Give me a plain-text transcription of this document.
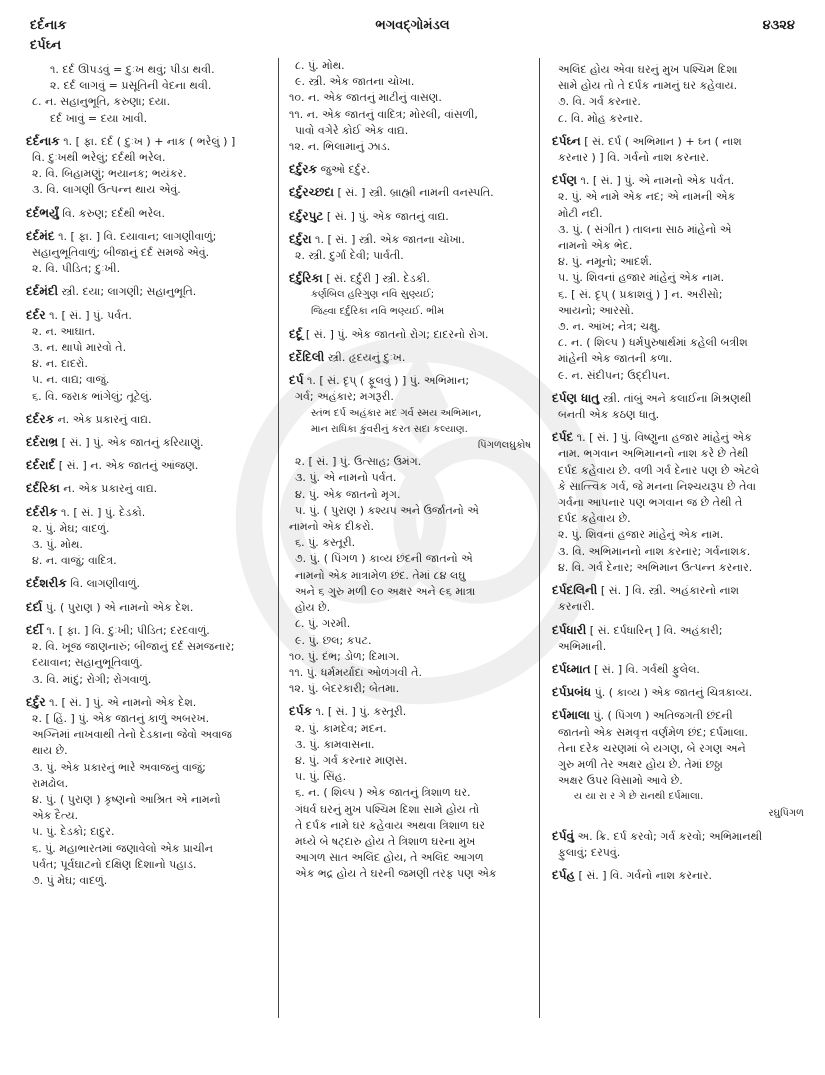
દર્દનાક
દર્પઘ્ન
ભગવદ્ગોમંડલ	૪૩૨૪
૧. દર્દ ઊપડવું = દુઃખ થવું; પીડા થવી.
૨. દર્દ લાગવું = પ્રસૂતિની વેદના થવી.
૮. ન. સહાનુભૂતિ, કરુણા; દયા.
દર્દ ખાવું = દયા ખાવી.
દર્દનાક ૧. [ ફા. દર્દ ( દુઃખ ) + નાક ( ભરેલું ) ]
વિ. દુઃખથી ભરેલું; દર્દથી ભરેલ.
૨. વિ. બિહામણું; ભયાનક; ભયંકર.
૩. વિ. લાગણી ઉત્પન્ન થાય એવું.
દર્દભર્યું વિ. કરુણ; દર્દથી ભરેલ.
દર્દમંદ ૧. [ ફા. ] વિ. દયાવાન; લાગણીવાળું;
સહાનુભૂતિવાળું; બીજાનું દર્દ સમજે એવું.
૨. વિ. પીડિત; દુઃખી.
દર્દમંદી સ્ત્રી. દયા; લાગણી; સહાનુભૂતિ.
દર્દર ૧. [ સં. ] પું. પર્વત.
૨. ન. આઘાત.
૩. ન. થાપો મારવો તે.
૪. ન. દાદરો.
૫. ન. વાદ્ય; વાજું.
૬. વિ. જરાક ભાંગેલું; તૂટેલું.
દર્દરક ન. એક પ્રકારનું વાદ્ય.
દર્દરાભ્ર [ સં. ] પું. એક જાતનું કરિયાણું.
દર્દરાર્દ [ સં. ] ન. એક જાતનું આંજણ.
દર્દરિકા ન. એક પ્રકારનું વાદ્ય.
દર્દરીક ૧. [ સં. ] પું. દેડકો.
૨. પું. મેઘ; વાદળું.
૩. પું. મોથ.
૪. ન. વાજું; વાદિત્ર.
દર્દશરીક વિ. લાગણીવાળું.
દર્દા પું. ( પુરાણ ) એ નામનો એક દેશ.
દર્દી ૧. [ ફા. ] વિ. દુઃખી; પીડિત; દરદવાળું.
૨. વિ. ખૂજ જાણનારું; બીજાનું દર્દ સમજનાર;
દયાવાન; સહાનુભૂતિવાળું.
૩. વિ. માંદું; રોગી; રોગવાળું.
દર્દુર ૧. [ સં. ] પું. એ નામનો એક દેશ.
૨. [ હિં. ] પું. એક જાતનું કાળું અબરખ.
અગ્નિમાં નાખવાથી તેનો દેડકાના જેવો અવાજ
થાય છે.
૩. પું. એક પ્રકારનું ભારે અવાજનું વાજું;
રામઢોલ.
૪. પું. ( પુરાણ ) કૃષ્ણનો આશ્રિત એ નામનો
એક દૈત્ય.
૫. પું. દેડકો; દાદુર.
૬. પું. મહાભારતમાં જણાવેલો એક પ્રાચીન
પર્વત; પૂર્વઘાટનો દક્ષિણ દિશાનો પહાડ.
૭. પું મેઘ; વાદળું.
૮. પું. મોથ.
૯. સ્ત્રી. એક જાતના ચોખા.
૧૦. ન. એક જાતનું માટીનું વાસણ.
૧૧. ન. એક જાતનું વાદિત્ર; મોરલી, વાંસળી,
પાવો વગેરે કોઈ એક વાદ્ય.
૧૨. ન. ભિલામાનું ઝાડ.
દર્દુરક જુઓ દર્દુર.
દર્દુરચ્છદા [ સં. ] સ્ત્રી. બ્રાહ્મી નામની વનસ્પતિ.
દર્દુરપુટ [ સં. ] પું. એક જાતનું વાદ્ય.
દર્દુરા ૧. [ સં. ] સ્ત્રી. એક જાતના ચોખા.
૨. સ્ત્રી. દુર્ગા દેવી; પાર્વતી.
દર્દુરિકા [ સં. દર્દુરી ] સ્ત્રી. દેડકી.
કર્ણબિલ હરિગુણ નવિ સુણ્યઈ;
જિહ્વા દર્દુરિકા નવિ ભણ્યઈ. ભીમ
દર્દૂ [ સં. ] પું. એક જાતનો રોગ; દાદરનો રોગ.
દર્દેદિલી સ્ત્રી. હૃદયનું દુઃખ.
દર્પ ૧. [ સં. દૃપ્ ( ફૂલવું ) ] પું. અભિમાન;
ગર્વ; અહંકાર; મગરૂરી.
સ્તંભ દર્પ અહંકાર મદ ગર્વ સ્મય અભિમાન,
માન રાધિકા કુંવરીનું કરત સદા કલ્યાણ.
પિંગળલઘુકોષ
૨. [ સં. ] પું. ઉત્સાહ; ઉમંગ.
૩. પું. એ નામનો પર્વત.
૪. પું. એક જાતનો મૃગ.
૫. પું. ( પુરાણ ) કશ્યપ અને ઉર્જાતનો એ
નામનો એક દીકરો.
૬. પું. કસ્તૂરી.
૭. પું. ( પિંગળ ) કાવ્ય છંદની જાતનો એ
નામનો એક માત્રામેળ છંદ. તેમાં ૮૪ લઘુ
અને ૬ ગુરુ મળી ૯૦ અક્ષર અને ૯૬ માત્રા
હોય છે.
૮. પું. ગરમી.
૯. પું. છલ; કપટ.
૧૦. પું. દંભ; ડોળ; દિમાગ.
૧૧. પું. ધર્મમર્યાદા ઓળંગવી તે.
૧૨. પું. બેદરકારી; બેતમા.
દર્પક ૧. [ સં. ] પું. કસ્તૂરી.
૨. પું. કામદેવ; મદન.
૩. પું. કામવાસના.
૪. પું. ગર્વ કરનાર માણસ.
૫. પું. સિંહ.
૬. ન. ( શિલ્પ ) એક જાતનું ત્રિશાળ ઘર.
ગંધર્વ ઘરનું મુખ પશ્ચિમ દિશા સામે હોય તો
તે દર્પક નામે ઘર કહેવાય અથવા ત્રિશાળ ઘર
મધ્યે બે ષટ્દારુ હોય તે ત્રિશાળ ઘરના મુખ
આગળ સાત અલિંદ હોય, તે અલિંદ આગળ
એક ભદ્ર હોય તે ઘરની જમણી તરફ પણ એક
અલિંદ હોય એવા ઘરનું મુખ પશ્ચિમ દિશા
સામે હોય તો તે દર્પક નામનું ઘર કહેવાય.
૭. વિ. ગર્વ કરનાર.
૮. વિ. મોહ કરનાર.
દર્પઘ્ન [ સં. દર્પ ( અભિમાન ) + ઘ્ન ( નાશ
કરનાર ) ] વિ. ગર્વનો નાશ કરનાર.
દર્પણ ૧. [ સં. ] પું. એ નામનો એક પર્વત.
૨. પું. એ નામે એક નદ; એ નામની એક
મોટી નદી.
૩. પું. ( સંગીત ) તાલના સાઠ માંહેનો એ
નામનો એક ભેદ.
૪. પું. નમૂનો; આદર્શ.
૫. પું. શિવનાં હજાર માંહેનું એક નામ.
૬. [ સં. દૃપ્ ( પ્રકાશવું ) ] ન. અરીસો;
આયનો; આરસો.
૭. ન. આંખ; નેત્ર; ચક્ષુ.
૮. ન. ( શિલ્પ ) ધર્મપુરુષાર્થમાં કહેલી બત્રીશ
માંહેની એક જાતની કળા.
૯. ન. સંદીપન; ઉદ્દીપન.
દર્પણ ધાતુ સ્ત્રી. તાંબું અને કલાઈના મિશ્રણથી
બનતી એક કઠણ ધાતુ.
દર્પદ ૧. [ સં. ] પું. વિષ્ણુના હજાર માંહેનું એક
નામ. ભગવાન અભિમાનનો નાશ કરે છે તેથી
દર્પદ કહેવાય છે. વળી ગર્વ દેનાર પણ છે એટલે
કે સાત્ત્વિક ગર્વ, જે મનના નિશ્ચયરૂપ છે તેવા
ગર્વના આપનાર પણ ભગવાન જ છે તેથી તે
દર્પદ કહેવાય છે.
૨. પું. શિવનાં હજાર માંહેનું એક નામ.
૩. વિ. અભિમાનનો નાશ કરનાર; ગર્વનાશક.
૪. વિ. ગર્વ દેનાર; અભિમાન ઉત્પન્ન કરનાર.
દર્પદલિની [ સં. ] વિ. સ્ત્રી. અહંકારનો નાશ
કરનારી.
દર્પધારી [ સં. દર્પધારિન્ ] વિ. અહંકારી;
અભિમાની.
દર્પધ્માત [ સં. ] વિ. ગર્વથી ફુલેલ.
દર્પપ્રબંધ પું. ( કાવ્ય ) એક જાતનું ચિત્રકાવ્ય.
દર્પમાલા પું. ( પિંગળ ) અતિજગતી છંદની
જાતનો એક સમવૃત્ત વર્ણમેળ છંદ; દર્પમાલા.
તેના દરેક ચરણમાં બે યગણ, બે રગણ અને
ગુરુ મળી તેર અક્ષર હોય છે. તેમાં છઠ્ઠા
અક્ષર ઉપર વિસામો આવે છે.
ય યા રા ર ગે છે રાનથી દર્પમાલા.
રઘુપિંગળ
દર્પવું અ. ક્રિ. દર્પ કરવો; ગર્વ કરવો; અભિમાનથી
ફુલાવું; દરપવું.
દર્પહ [ સં. ] વિ. ગર્વનો નાશ કરનાર.
